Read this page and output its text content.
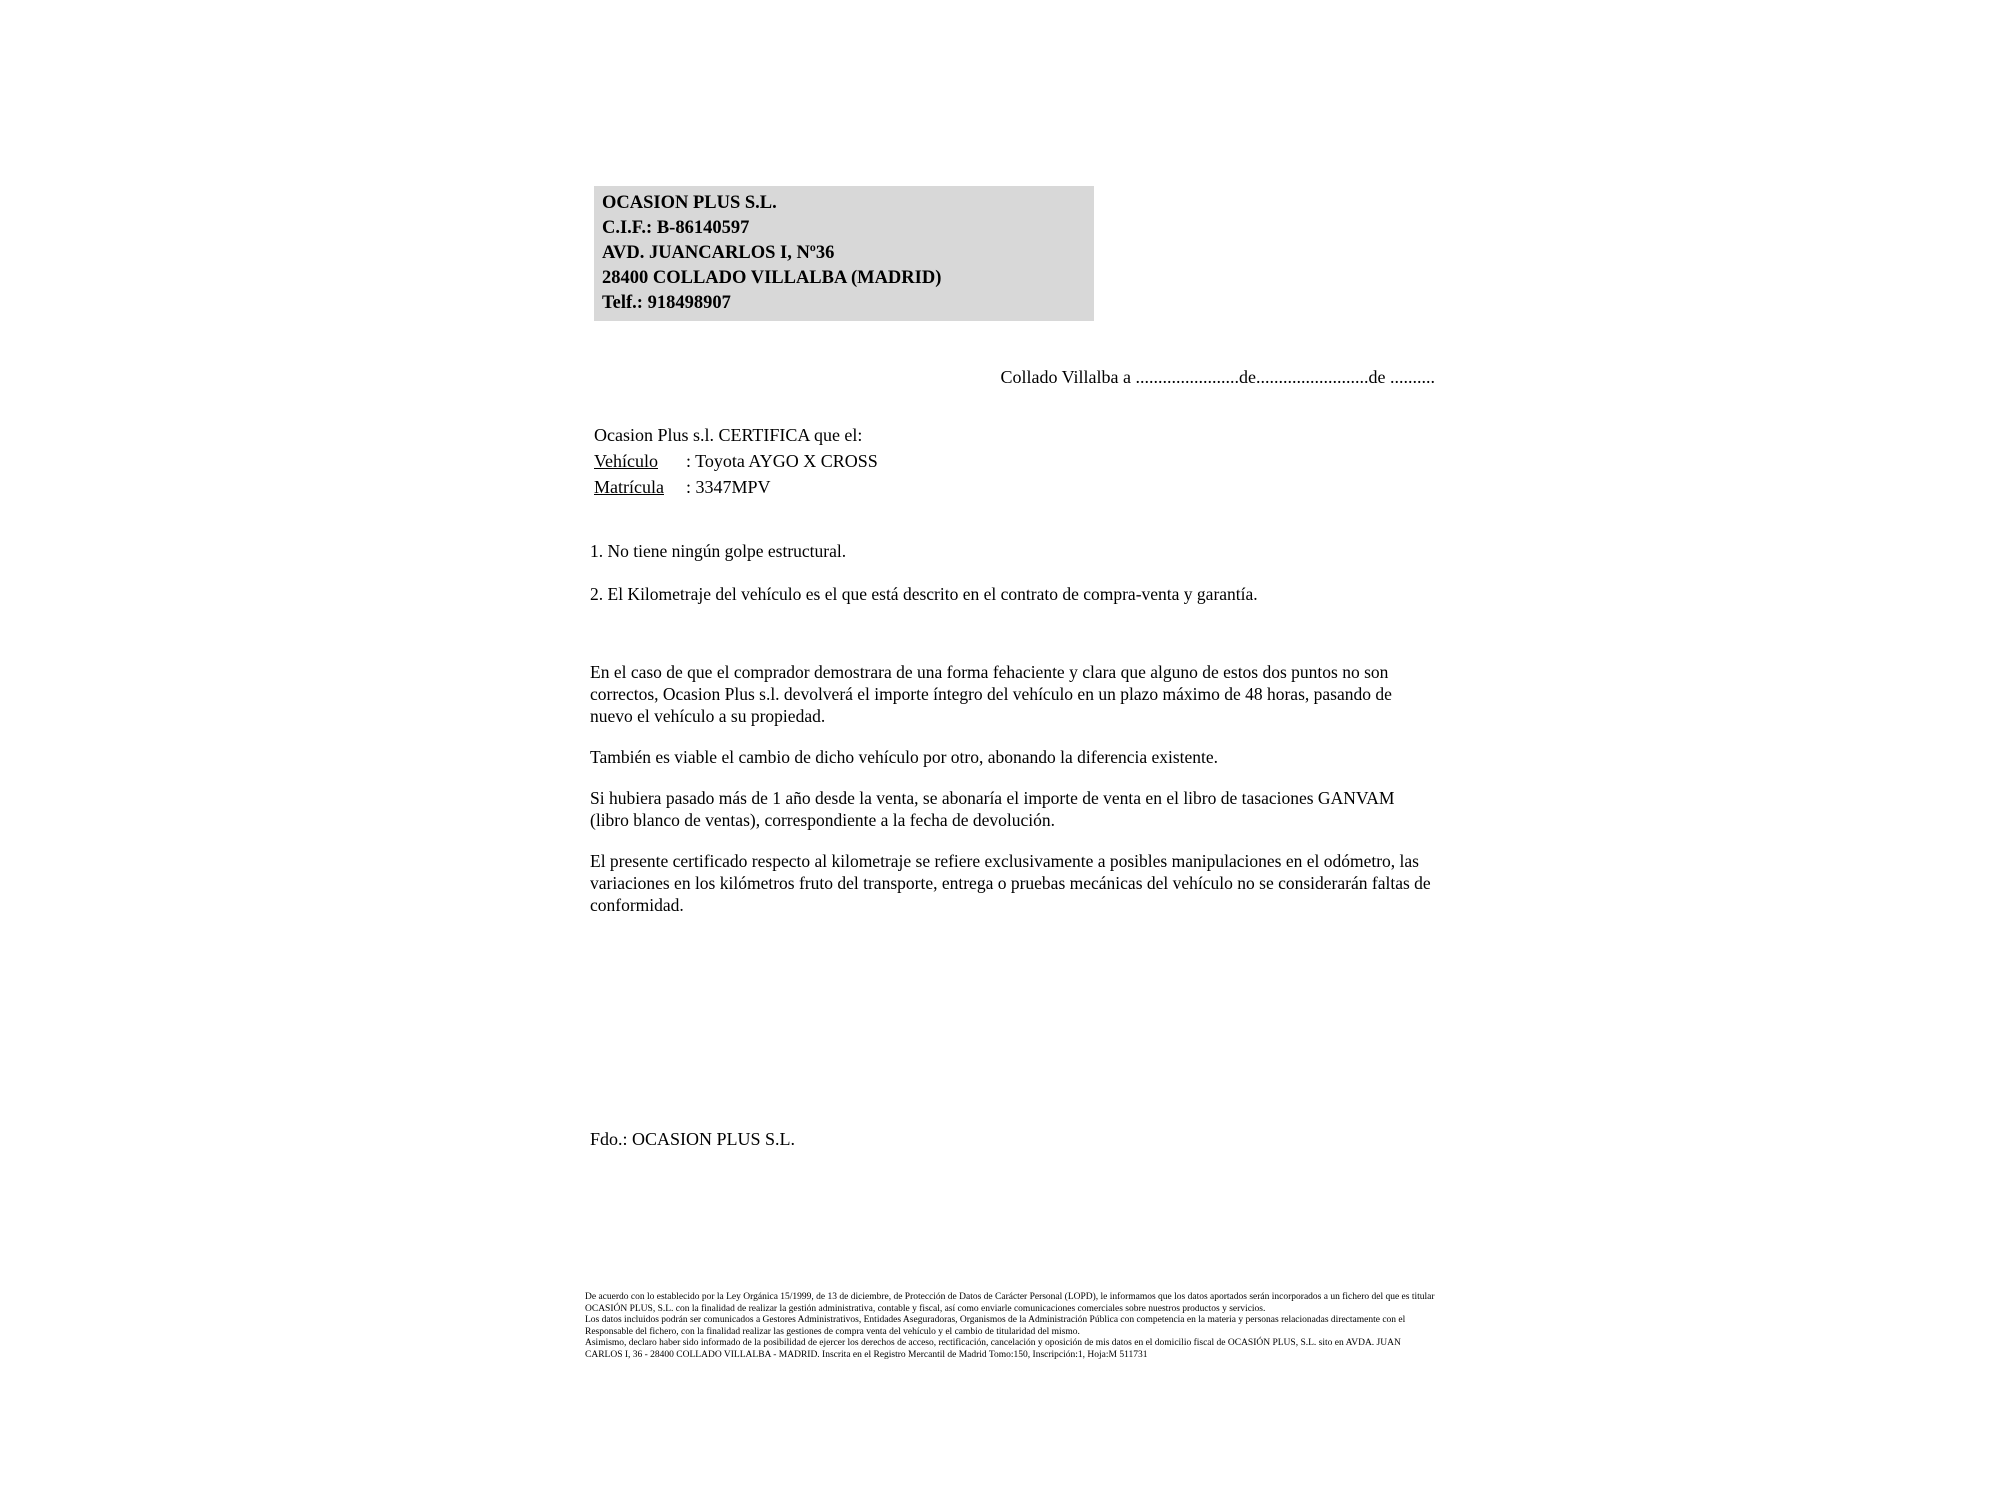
OCASION PLUS S.L.
C.I.F.: B-86140597
AVD. JUANCARLOS I, Nº36
28400 COLLADO VILLALBA (MADRID)
Telf.: 918498907
Collado Villalba a .......................de.........................de ..........
Ocasion Plus s.l. CERTIFICA que el:
Vehículo : Toyota AYGO X CROSS
Matrícula : 3347MPV
1. No tiene ningún golpe estructural.
2. El Kilometraje del vehículo es el que está descrito en el contrato de compra-venta y garantía.

En el caso de que el comprador demostrara de una forma fehaciente y clara que alguno de estos dos puntos no son correctos, Ocasion Plus s.l. devolverá el importe íntegro del vehículo en un plazo máximo de 48 horas, pasando de nuevo el vehículo a su propiedad.

También es viable el cambio de dicho vehículo por otro, abonando la diferencia existente.

Si hubiera pasado más de 1 año desde la venta, se abonaría el importe de venta en el libro de tasaciones GANVAM (libro blanco de ventas), correspondiente a la fecha de devolución.

El presente certificado respecto al kilometraje se refiere exclusivamente a posibles manipulaciones en el odómetro, las variaciones en los kilómetros fruto del transporte, entrega o pruebas mecánicas del vehículo no se considerarán faltas de conformidad.

Fdo.: OCASION PLUS S.L.

De acuerdo con lo establecido por la Ley Orgánica 15/1999, de 13 de diciembre, de Protección de Datos de Carácter Personal (LOPD), le informamos que los datos aportados serán incorporados a un fichero del que es titular OCASIÓN PLUS, S.L. con la finalidad de realizar la gestión administrativa, contable y fiscal, así como enviarle comunicaciones comerciales sobre nuestros productos y servicios.

Los datos incluidos podrán ser comunicados a Gestores Administrativos, Entidades Aseguradoras, Organismos de la Administración Pública con competencia en la materia y personas relacionadas directamente con el Responsable del fichero, con la finalidad realizar las gestiones de compra venta del vehículo y el cambio de titularidad del mismo.

Asimismo, declaro haber sido informado de la posibilidad de ejercer los derechos de acceso, rectificación, cancelación y oposición de mis datos en el domicilio fiscal de OCASIÓN PLUS, S.L. sito en AVDA. JUAN CARLOS I, 36 - 28400 COLLADO VILLALBA - MADRID. Inscrita en el Registro Mercantil de Madrid Tomo:150, Inscripción:1, Hoja:M 511731
